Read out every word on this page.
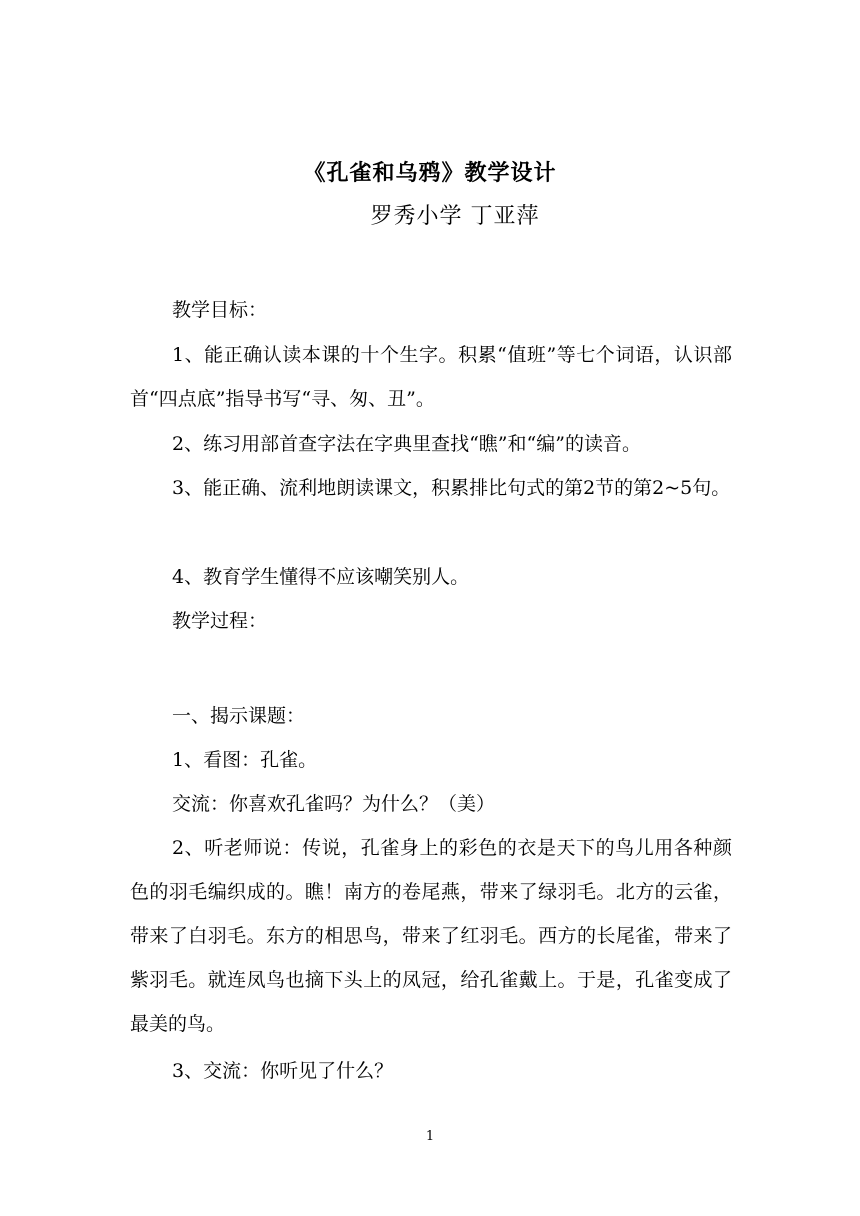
《孔雀和乌鸦》教学设计
罗秀小学 丁亚萍

教学目标：

1、能正确认读本课的十个生字。积累“值班”等七个词语，认识部首“四点底”指导书写“寻、匆、丑”。

2、练习用部首查字法在字典里查找“瞧”和“编”的读音。

3、能正确、流利地朗读课文，积累排比句式的第2节的第2~5句。

4、教育学生懂得不应该嘲笑别人。

教学过程：

一、揭示课题：

1、看图：孔雀。

交流：你喜欢孔雀吗？为什么？（美）

2、听老师说：传说，孔雀身上的彩色的衣是天下的鸟儿用各种颜色的羽毛编织成的。瞧！南方的卷尾燕，带来了绿羽毛。北方的云雀，带来了白羽毛。东方的相思鸟，带来了红羽毛。西方的长尾雀，带来了紫羽毛。就连凤鸟也摘下头上的凤冠，给孔雀戴上。于是，孔雀变成了最美的鸟。

3、交流：你听见了什么？

1
